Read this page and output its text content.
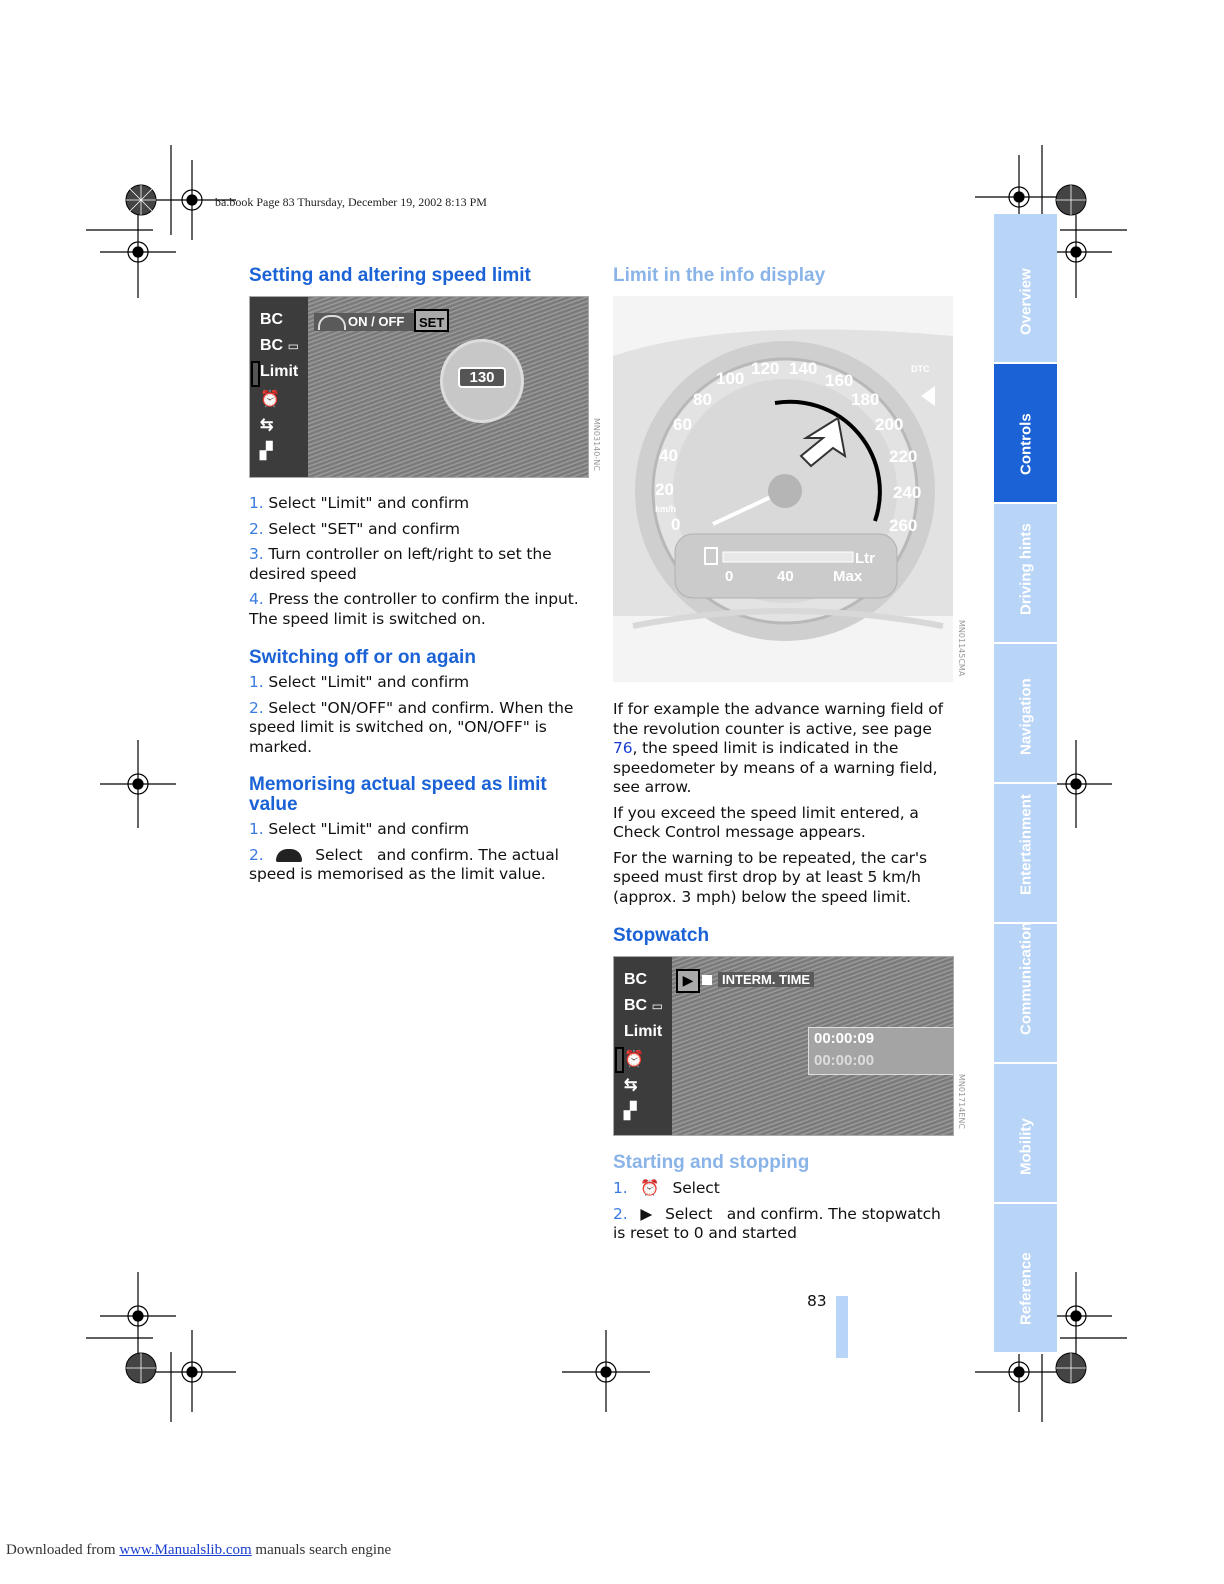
ba.book Page 83 Thursday, December 19, 2002 8:13 PM
Overview
Controls
Driving hints
Navigation
Entertainment
Communication
Mobility
Reference
Setting and altering speed limit
BC
BC ▭
Limit
⏰
⇆
▞
ON / OFF	SET
130
MN03140-NC
1. Select "Limit" and confirm
2. Select "SET" and confirm
3. Turn controller on left/right to set the desired speed
4. Press the controller to confirm the input. The speed limit is switched on.
Switching off or on again
1. Select "Limit" and confirm
2. Select "ON/OFF" and confirm. When the speed limit is switched on, "ON/OFF" is marked.
Memorising actual speed as limit
value
1. Select "Limit" and confirm
2.	Select and confirm. The actual speed is memorised as the limit value.
Limit in the info display
0
20
km/h
40
60
80
100
120 140
160
180
200
220
240
260
DTC
Ltr
0	40	Max
MN01145CMA
If for example the advance warning field of the revolution counter is active, see page 76, the speed limit is indicated in the speedometer by means of a warning field, see arrow.
If you exceed the speed limit entered, a Check Control message appears.
For the warning to be repeated, the car's speed must first drop by at least 5 km/h (approx. 3 mph) below the speed limit.
Stopwatch
BC
BC ▭
Limit
⏰
⇆
▞
▶	INTERM. TIME
00:00:09
00:00:00
MN01714ENC
Starting and stopping
1. ⏰ Select
2. ▶ Select and confirm. The stopwatch is reset to 0 and started
83
Downloaded from www.Manualslib.com manuals search engine
